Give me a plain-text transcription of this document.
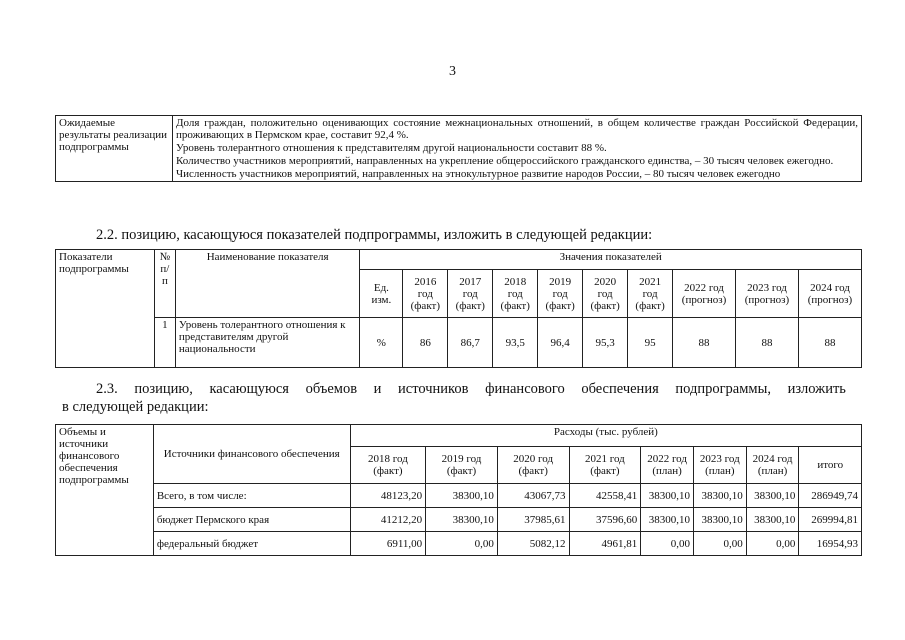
3
Ожидаемые результаты реализации подпрограммы	

Доля граждан, положительно оценивающих состояние межнациональных отношений, в общем количестве граждан Российской Федерации, проживающих в Пермском крае, составит 92,4 %.

Уровень толерантного отношения к представителям другой национальности составит 88 %.

Количество участников мероприятий, направленных на укрепление общероссийского гражданского единства, – 30 тысяч человек ежегодно.

Численность участников мероприятий, направленных на этнокультурное развитие народов России, – 80 тысяч человек ежегодно

2.2. позицию, касающуюся показателей подпрограммы, изложить в следующей редакции:
Показатели подпрограммы	№ п/п	Наименование показателя	Значения показателей									
			Ед. изм.	2016 год (факт)	2017 год (факт)	2018 год (факт)	2019 год (факт)	2020 год (факт)	2021 год (факт)	2022 год (прогноз)	2023 год (прогноз)	2024 год (прогноз)
	1	Уровень толерантного отношения к представителям другой национальности	%	86	86,7	93,5	96,4	95,3	95	88	88	88
2.3. позицию, касающуюся объемов и источников финансового обеспечения подпрограммы, изложить
в следующей редакции:
Объемы и источники финансового обеспечения подпрограммы	Источники финансового обеспечения	Расходы (тыс. рублей)							
		2018 год (факт)	2019 год (факт)	2020 год (факт)	2021 год (факт)	2022 год (план)	2023 год (план)	2024 год (план)	итого
	Всего, в том числе:	48123,20	38300,10	43067,73	42558,41	38300,10	38300,10	38300,10	286949,74
	бюджет Пермского края	41212,20	38300,10	37985,61	37596,60	38300,10	38300,10	38300,10	269994,81
	федеральный бюджет	6911,00	0,00	5082,12	4961,81	0,00	0,00	0,00	16954,93
